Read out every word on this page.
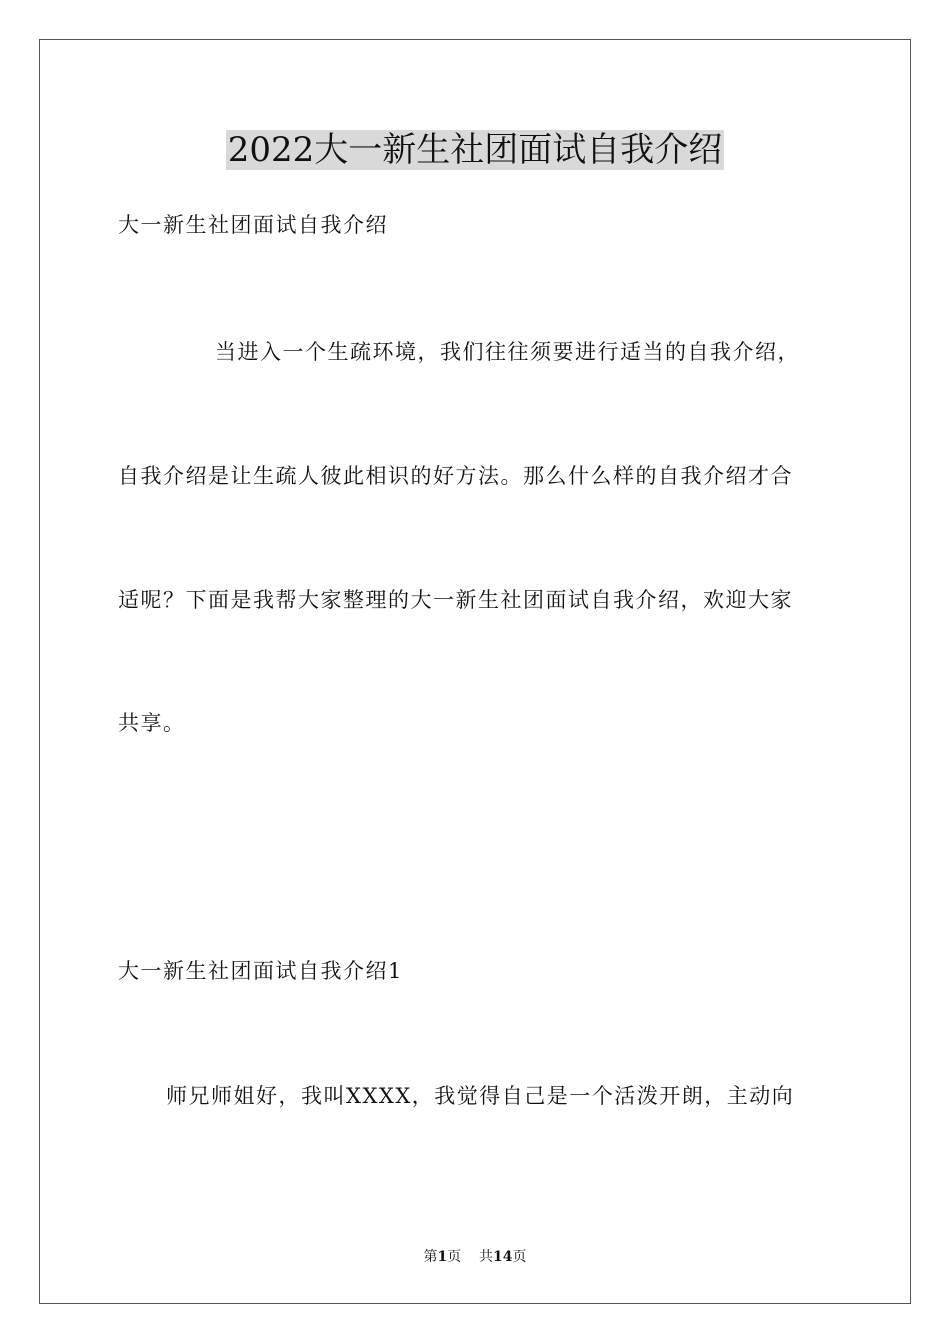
2022大一新生社团面试自我介绍
大一新生社团面试自我介绍
当进入一个生疏环境，我们往往须要进行适当的自我介绍，
自我介绍是让生疏人彼此相识的好方法。那么什么样的自我介绍才合
适呢？下面是我帮大家整理的大一新生社团面试自我介绍，欢迎大家
共享。
大一新生社团面试自我介绍1
师兄师姐好，我叫XXXX，我觉得自己是一个活泼开朗，主动向
第1页 共14页
